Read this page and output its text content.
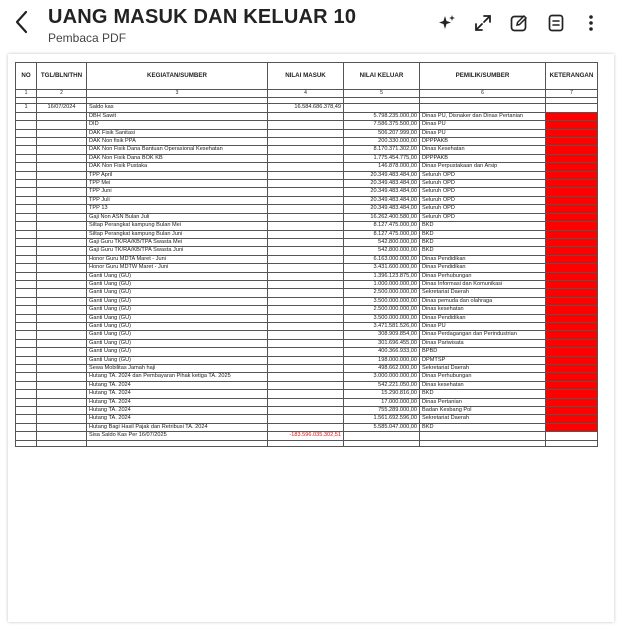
UANG MASUK DAN KELUAR 10
Pembaca PDF
NO	TGL/BLN/THN	KEGIATAN/SUMBER	NILAI MASUK	NILAI KELUAR	PEMILIK/SUMBER	KETERANGAN
1	2	3	4	5	6	7

1	16/07/2024	Saldo kas	16.584.686.378,49			
		DBH Sawit		5.798.235.000,00	Dinas PU, Disnaker dan Dinas Pertanian	
		DID		7.586.375.500,00	Dinas PU	
		DAK Fisik Sanitasi		506.207.999,00	Dinas PU	
		DAK Non fisik PPA		200.330.000,00	DPPPAKB	
		DAK Non Fisik Dana Bantuan Operasional Kesehatan		8.170.371.302,00	Dinas Kesehatan	
		DAK Non Fisik Dana BOK KB		1.775.454.775,00	DPPPAKB	
		DAK Non Fisik Pustaka		146.878.000,00	Dinas Perpustakaan dan Arsip	
		TPP April		20.349.483.484,00	Seluruh OPD	
		TPP Mei		20.349.483.484,00	Seluruh OPD	
		TPP Juni		20.349.483.484,00	Seluruh OPD	
		TPP Juli		20.349.483.484,00	Seluruh OPD	
		TPP 13		20.349.483.484,00	Seluruh OPD	
		Gaji Non ASN Bulan Juli		16.262.400.580,00	Seluruh OPD	
		Siltap Perangkat kampung Bulan Mei		8.127.475.000,00	BKD	
		Siltap Perangkat kampung Bulan Juni		8.127.475.000,00	BKD	
		Gaji Guru TK/RA/KB/TPA Swasta Mei		542.800.000,00	BKD	
		Gaji Guru TK/RA/KB/TPA Swasta Juni		542.800.000,00	BKD	
		Honor Guru MDTA Maret - Juni		6.163.000.000,00	Dinas Pendidikan	
		Honor Guru MDTW Maret - Juni		3.431.600.000,00	Dinas Pendidikan	
		Ganti Uang (GU)		1.396.123.875,00	Dinas Perhubungan	
		Ganti Uang (GU)		1.000.000.000,00	Dinas Informasi dan Komunikasi	
		Ganti Uang (GU)		2.500.000.000,00	Sekretariat Daerah	
		Ganti Uang (GU)		3.500.000.000,00	Dinas pemuda dan olahraga	
		Ganti Uang (GU)		2.500.000.000,00	Dinas kesehatan	
		Ganti Uang (GU)		3.500.000.000,00	Dinas Pendidikan	
		Ganti Uang (GU)		3.471.581.526,00	Dinas PU	
		Ganti Uang (GU)		308.909.854,00	Dinas Perdagangan dan Perindustrian	
		Ganti Uang (GU)		301.696.455,00	Dinas Pariwisata	
		Ganti Uang (GU)		400.366.933,00	BPBD	
		Ganti Uang (GU)		198.000.000,00	DPMTSP	
		Sewa Mobilitas Jamah haji		498.662.000,00	Sekretariat Daerah	
		Hutang TA. 2024 dan Pembayaran Pihak ketiga TA. 2025		3.000.000.000,00	Dinas Perhubungan	
		Hutang TA. 2024		542.221.050,00	Dinas kesehatan	
		Hutang TA. 2024		15.290.816,00	BKD	
		Hutang TA. 2024		17.000.000,00	Dinas Pertanian	
		Hutang TA. 2024		755.289.000,00	Badan Kesbang Pol	
		Hutang TA. 2024		1.561.692.596,00	Sekretariat Daerah	
		Hutang Bagi Hasil Pajak dan Retribusi TA. 2024		5.585.047.000,00	BKD	
		Sisa Saldo Kas Per 16/07/2025	-183.596.035.302,51			
